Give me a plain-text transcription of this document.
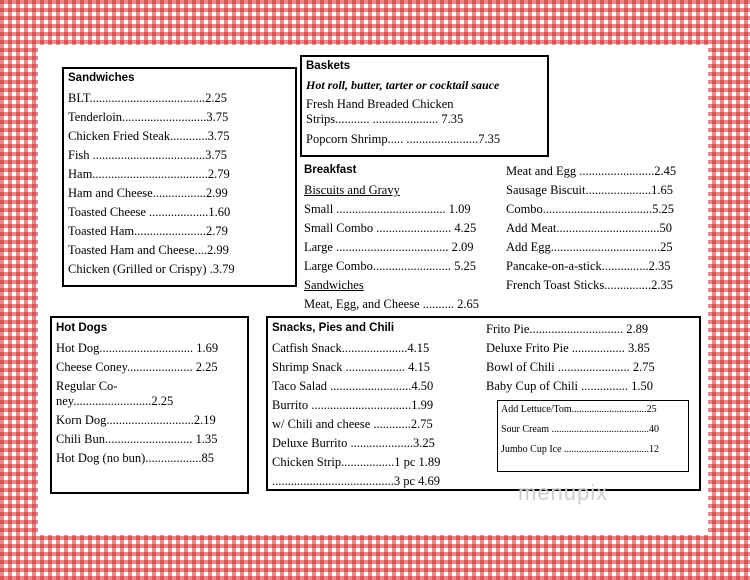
Sandwiches
BLT.....................................2.25
Tenderloin...........................3.75
Chicken Fried Steak............3.75
Fish ....................................3.75
Ham.....................................2.79
Ham and Cheese.................2.99
Toasted Cheese ...................1.60
Toasted Ham.......................2.79
Toasted Ham and Cheese....2.99
Chicken (Grilled or Crispy) .3.79
Baskets
Hot roll, butter, tarter or cocktail sauce
Fresh Hand Breaded Chicken
Strips........... ..................... 7.35
Popcorn Shrimp..... .......................7.35
Breakfast
Biscuits and Gravy
Small ................................... 1.09
Small Combo ........................ 4.25
Large .................................... 2.09
Large Combo......................... 5.25
Sandwiches
Meat, Egg, and Cheese .......... 2.65
Meat and Egg ........................2.45
Sausage Biscuit.....................1.65
Combo...................................5.25
Add Meat.................................50
Add Egg...................................25
Pancake-on-a-stick...............2.35
French Toast Sticks...............2.35
Hot Dogs
Hot Dog.............................. 1.69
Cheese Coney..................... 2.25
Regular Co-
ney.........................2.25
Korn Dog............................2.19
Chili Bun............................ 1.35
Hot Dog (no bun)..................85
Snacks, Pies and Chili
Catfish Snack.....................4.15
Shrimp Snack ................... 4.15
Taco Salad ..........................4.50
Burrito ................................1.99
w/ Chili and cheese ............2.75
Deluxe Burrito ....................3.25
Chicken Strip.................1 pc 1.89
.......................................3 pc 4.69
Frito Pie.............................. 2.89
Deluxe Frito Pie ................. 3.85
Bowl of Chili ....................... 2.75
Baby Cup of Chili ............... 1.50
Add Lettuce/Tom..............................25
Sour Cream .......................................40
Jumbo Cup Ice ..................................12
menupix
